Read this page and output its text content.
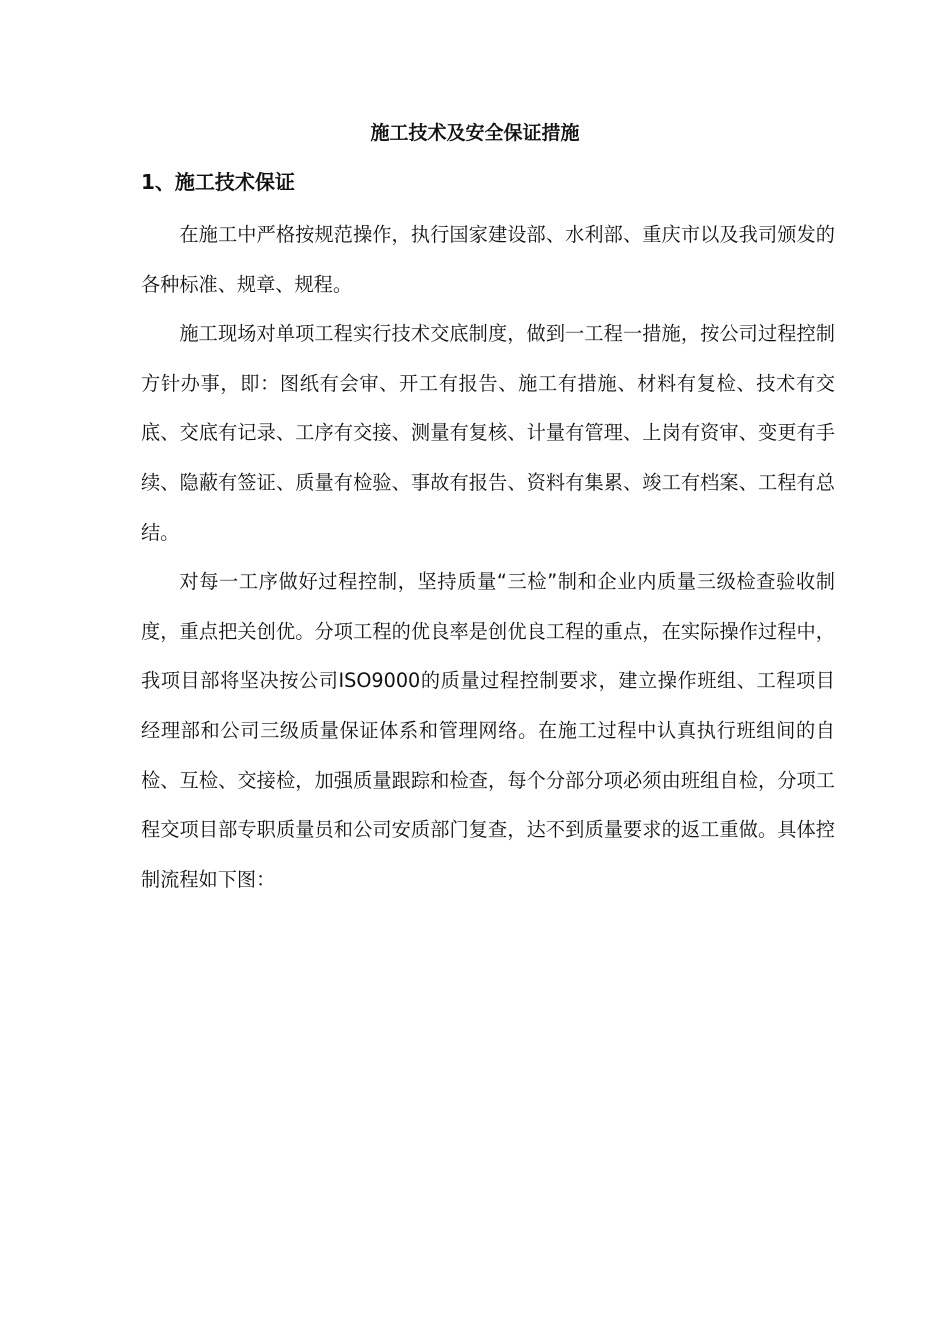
施工技术及安全保证措施
1、施工技术保证

在施工中严格按规范操作，执行国家建设部、水利部、重庆市以及我司颁发的各种标准、规章、规程。

施工现场对单项工程实行技术交底制度，做到一工程一措施，按公司过程控制方针办事，即：图纸有会审、开工有报告、施工有措施、材料有复检、技术有交底、交底有记录、工序有交接、测量有复核、计量有管理、上岗有资审、变更有手续、隐蔽有签证、质量有检验、事故有报告、资料有集累、竣工有档案、工程有总结。

对每一工序做好过程控制，坚持质量“三检”制和企业内质量三级检查验收制度，重点把关创优。分项工程的优良率是创优良工程的重点，在实际操作过程中，我项目部将坚决按公司ISO9000的质量过程控制要求，建立操作班组、工程项目经理部和公司三级质量保证体系和管理网络。在施工过程中认真执行班组间的自检、互检、交接检，加强质量跟踪和检查，每个分部分项必须由班组自检，分项工程交项目部专职质量员和公司安质部门复查，达不到质量要求的返工重做。具体控制流程如下图：
